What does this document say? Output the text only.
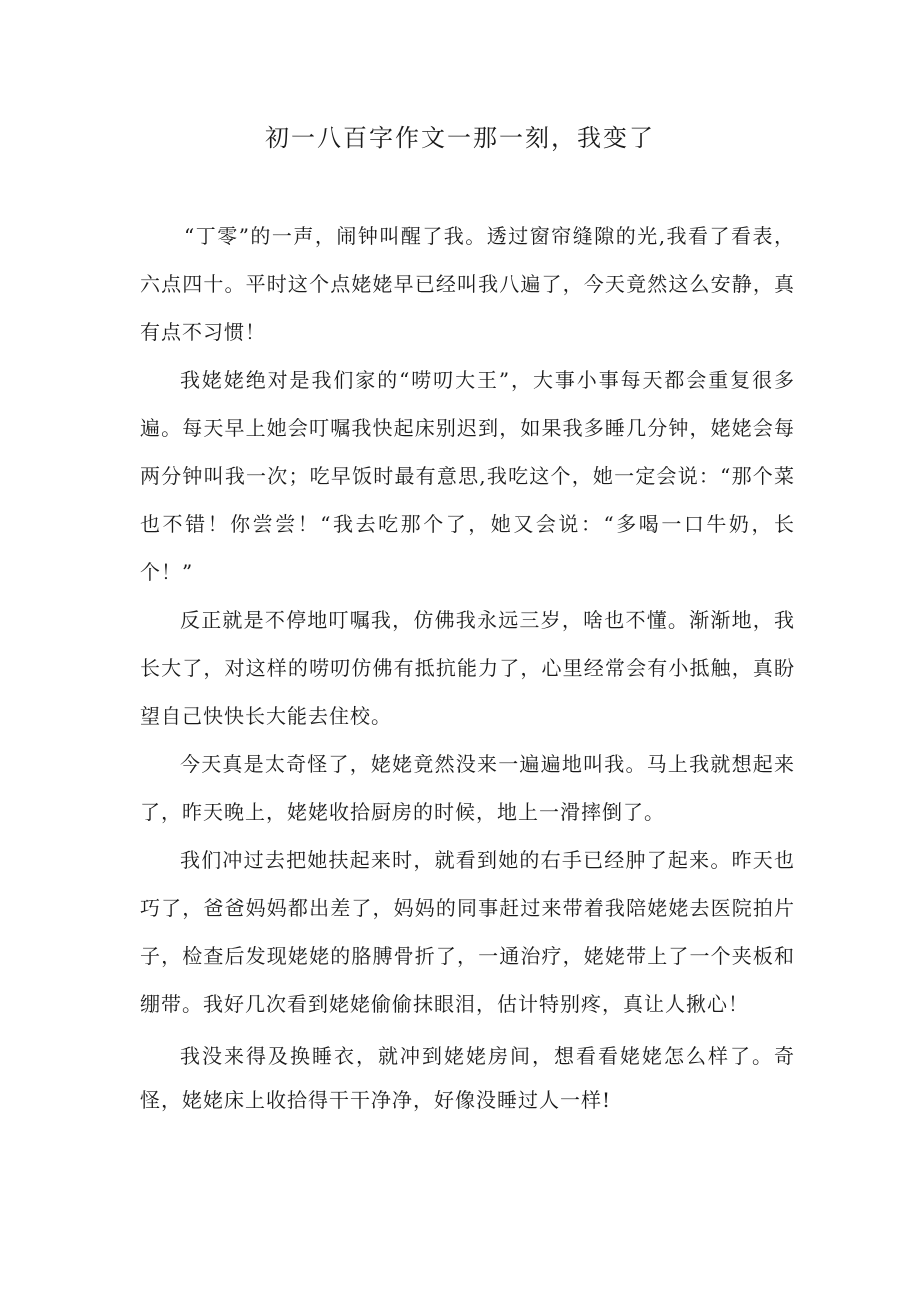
初一八百字作文一那一刻，我变了

“丁零”的一声，闹钟叫醒了我。透过窗帘缝隙的光,我看了看表，六点四十。平时这个点姥姥早已经叫我八遍了，今天竟然这么安静，真有点不习惯！

我姥姥绝对是我们家的“唠叨大王”，大事小事每天都会重复很多遍。每天早上她会叮嘱我快起床别迟到，如果我多睡几分钟，姥姥会每两分钟叫我一次；吃早饭时最有意思,我吃这个，她一定会说：“那个菜也不错！你尝尝！“我去吃那个了，她又会说：“多喝一口牛奶，长个！”

反正就是不停地叮嘱我，仿佛我永远三岁，啥也不懂。渐渐地，我长大了，对这样的唠叨仿佛有抵抗能力了，心里经常会有小抵触，真盼望自己快快长大能去住校。

今天真是太奇怪了，姥姥竟然没来一遍遍地叫我。马上我就想起来了，昨天晚上，姥姥收拾厨房的时候，地上一滑摔倒了。

我们冲过去把她扶起来时，就看到她的右手已经肿了起来。昨天也巧了，爸爸妈妈都出差了，妈妈的同事赶过来带着我陪姥姥去医院拍片子，检查后发现姥姥的胳膊骨折了，一通治疗，姥姥带上了一个夹板和绷带。我好几次看到姥姥偷偷抹眼泪，估计特别疼，真让人揪心！

我没来得及换睡衣，就冲到姥姥房间，想看看姥姥怎么样了。奇怪，姥姥床上收拾得干干净净，好像没睡过人一样!
